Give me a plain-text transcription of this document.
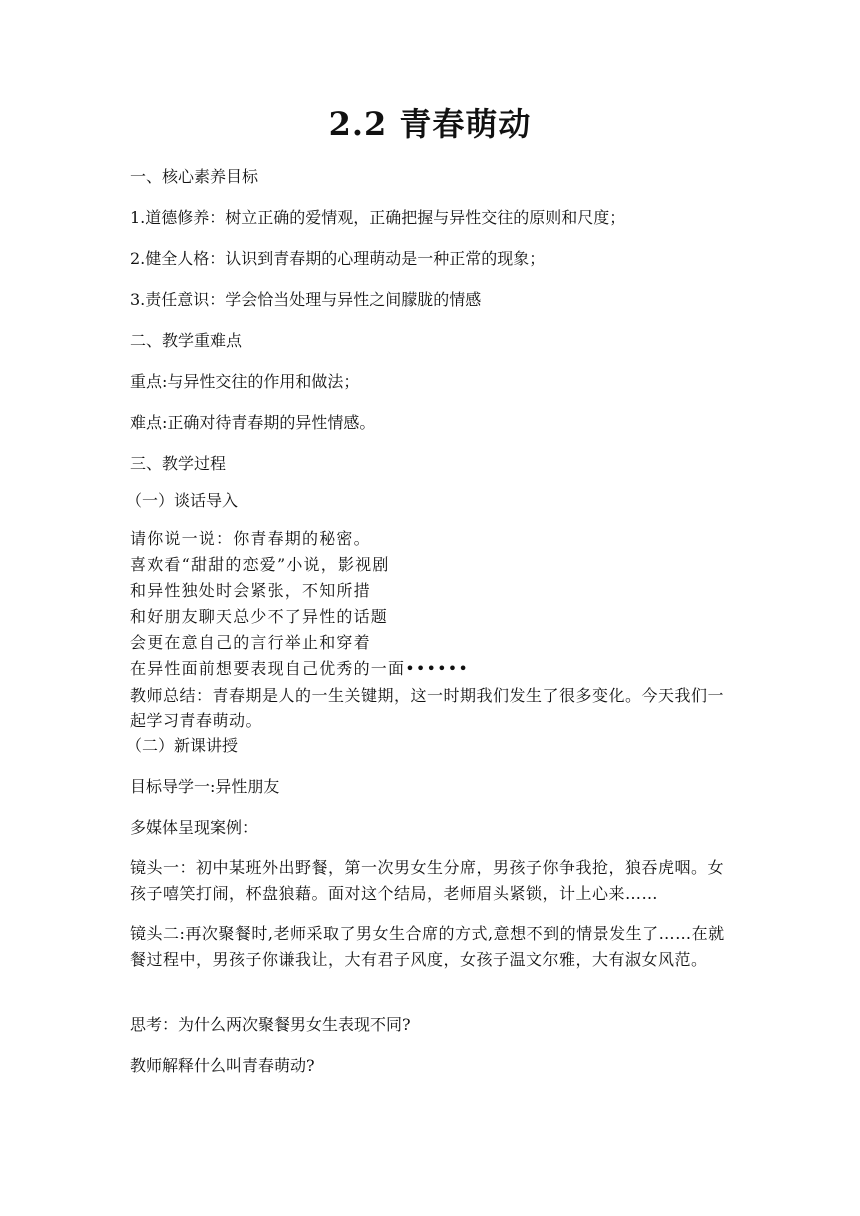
2.2 青春萌动
一、核心素养目标
1.道德修养：树立正确的爱情观，正确把握与异性交往的原则和尺度；
2.健全人格：认识到青春期的心理萌动是一种正常的现象；
3.责任意识：学会恰当处理与异性之间朦胧的情感
二、教学重难点
重点:与异性交往的作用和做法；
难点:正确对待青春期的异性情感。
三、教学过程
（一）谈话导入
请你说一说：你青春期的秘密。
喜欢看“甜甜的恋爱”小说，影视剧
和异性独处时会紧张，不知所措
和好朋友聊天总少不了异性的话题
会更在意自己的言行举止和穿着
在异性面前想要表现自己优秀的一面••••••
教师总结：青春期是人的一生关键期，这一时期我们发生了很多变化。今天我们一起学习青春萌动。
（二）新课讲授
目标导学一:异性朋友
多媒体呈现案例：
镜头一：初中某班外出野餐，第一次男女生分席，男孩子你争我抢，狼吞虎咽。女孩子嘻笑打闹，杯盘狼藉。面对这个结局，老师眉头紧锁，计上心来……
镜头二:再次聚餐时,老师采取了男女生合席的方式,意想不到的情景发生了……在就餐过程中，男孩子你谦我让，大有君子风度，女孩子温文尔雅，大有淑女风范。
思考：为什么两次聚餐男女生表现不同?
教师解释什么叫青春萌动?
